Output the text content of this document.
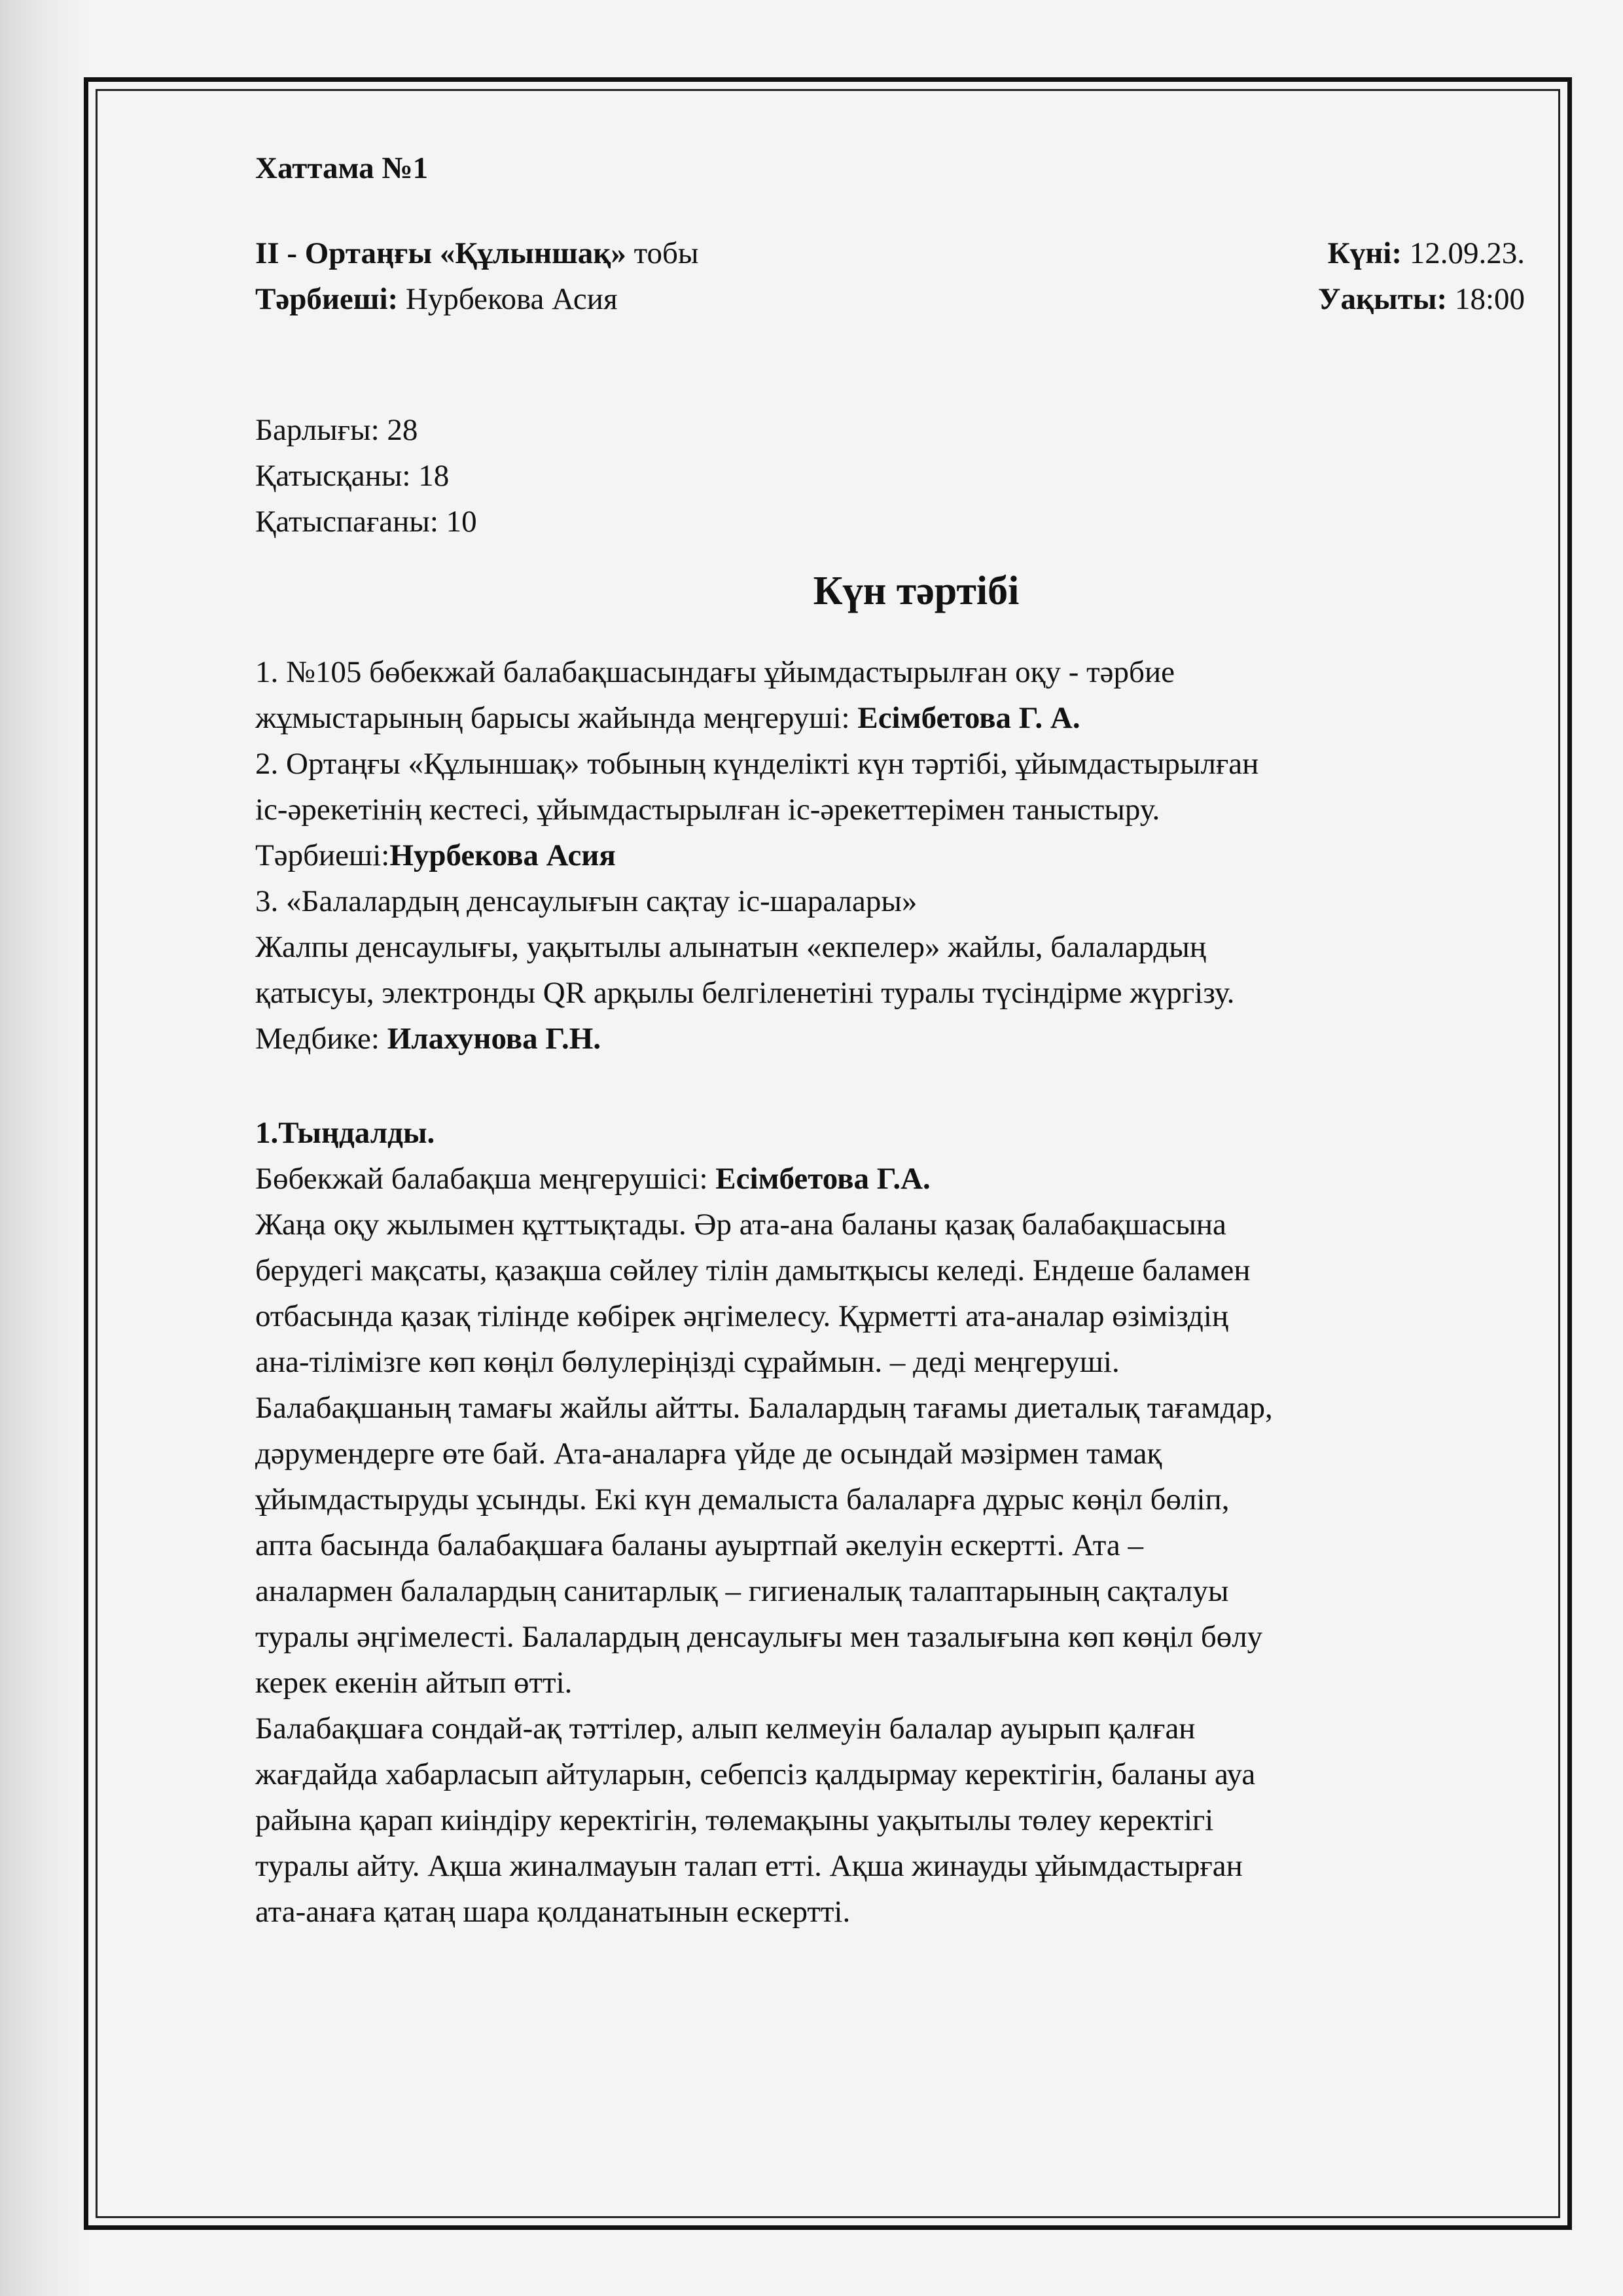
Хаттама №1
ІІ - Ортаңғы «Құлыншақ» тобы	Күні: 12.09.23.
Тәрбиеші: Нурбекова Асия	Уақыты: 18:00
Барлығы: 28
Қатысқаны: 18
Қатыспағаны: 10
Күн тәртібі
1. №105 бөбекжай балабақшасындағы ұйымдастырылған оқу - тәрбие
жұмыстарының барысы жайында меңгеруші: Есімбетова Г. А.
2. Ортаңғы «Құлыншақ» тобының күнделікті күн тәртібі, ұйымдастырылған
іс-әрекетінің кестесі, ұйымдастырылған іс-әрекеттерімен таныстыру.
Тәрбиеші:Нурбекова Асия
3. «Балалардың денсаулығын сақтау іс-шаралары»
Жалпы денсаулығы, уақытылы алынатын «екпелер» жайлы, балалардың
қатысуы, электронды QR арқылы белгіленетіні туралы түсіндірме жүргізу.
Медбике: Илахунова Г.Н.
1.Тыңдалды.
Бөбекжай балабақша меңгерушісі: Есімбетова Г.А.
Жаңа оқу жылымен құттықтады. Әр ата-ана баланы қазақ балабақшасына
берудегі мақсаты, қазақша сөйлеу тілін дамытқысы келеді. Ендеше баламен
отбасында қазақ тілінде көбірек әңгімелесу. Құрметті ата-аналар өзіміздің
ана-тілімізге көп көңіл бөлулеріңізді сұраймын. – деді меңгеруші.
Балабақшаның тамағы жайлы айтты. Балалардың тағамы диеталық тағамдар,
дәрумендерге өте бай. Ата-аналарға үйде де осындай мәзірмен тамақ
ұйымдастыруды ұсынды. Екі күн демалыста балаларға дұрыс көңіл бөліп,
апта басында балабақшаға баланы ауыртпай әкелуін ескертті. Ата –
аналармен балалардың санитарлық – гигиеналық талаптарының сақталуы
туралы әңгімелесті. Балалардың денсаулығы мен тазалығына көп көңіл бөлу
керек екенін айтып өтті.
Балабақшаға сондай-ақ тәттілер, алып келмеуін балалар ауырып қалған
жағдайда хабарласып айтуларын, себепсіз қалдырмау керектігін, баланы ауа
райына қарап киіндіру керектігін, төлемақыны уақытылы төлеу керектігі
туралы айту. Ақша жиналмауын талап етті. Ақша жинауды ұйымдастырған
ата-анаға қатаң шара қолданатынын ескертті.
